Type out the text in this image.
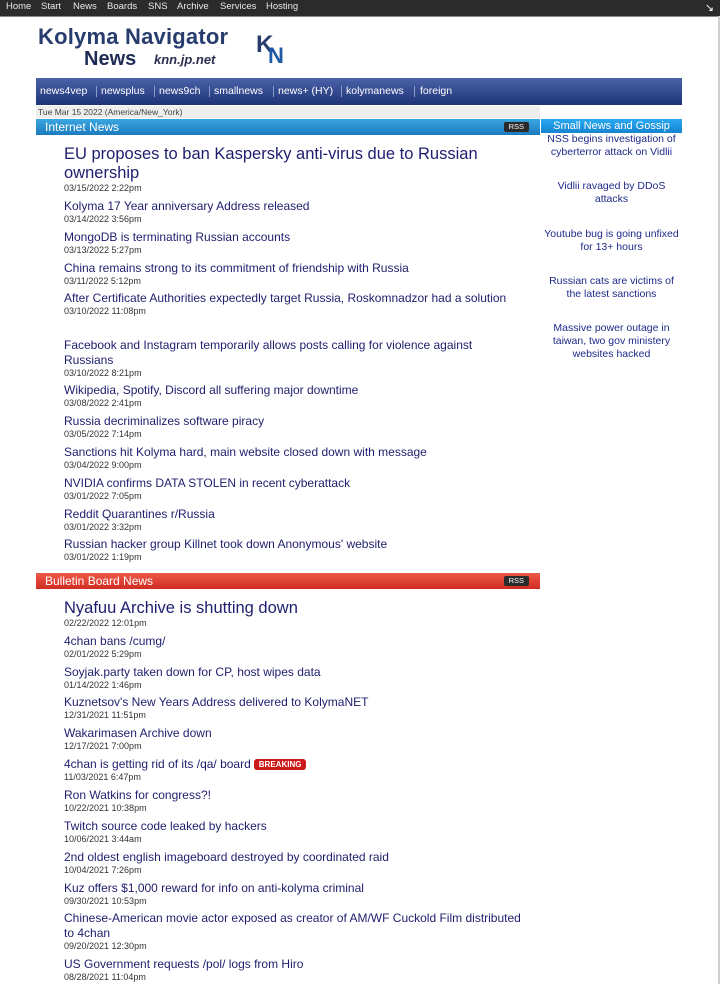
Home Start News Boards SNS Archive Services Hosting	↘
Kolyma Navigator
News knn.jp.net
K
N
news4vep newsplus news9ch smallnews news+ (HY) kolymanews foreign
Tue Mar 15 2022 (America/New_York)
Internet News	RSS
EU proposes to ban Kaspersky anti-virus due to Russian ownership
03/15/2022 2:22pm
Kolyma 17 Year anniversary Address released
03/14/2022 3:56pm
MongoDB is terminating Russian accounts
03/13/2022 5:27pm
China remains strong to its commitment of friendship with Russia
03/11/2022 5:12pm
After Certificate Authorities expectedly target Russia, Roskomnadzor had a solution
03/10/2022 11:08pm
Facebook and Instagram temporarily allows posts calling for violence against Russians
03/10/2022 8:21pm
Wikipedia, Spotify, Discord all suffering major downtime
03/08/2022 2:41pm
Russia decriminalizes software piracy
03/05/2022 7:14pm
Sanctions hit Kolyma hard, main website closed down with message
03/04/2022 9:00pm
NVIDIA confirms DATA STOLEN in recent cyberattack
03/01/2022 7:05pm
Reddit Quarantines r/Russia
03/01/2022 3:32pm
Russian hacker group Killnet took down Anonymous' website
03/01/2022 1:19pm
Bulletin Board News	RSS
Nyafuu Archive is shutting down
02/22/2022 12:01pm
4chan bans /cumg/
02/01/2022 5:29pm
Soyjak.party taken down for CP, host wipes data
01/14/2022 1:46pm
Kuznetsov's New Years Address delivered to KolymaNET
12/31/2021 11:51pm
Wakarimasen Archive down
12/17/2021 7:00pm
4chan is getting rid of its /qa/ board BREAKING
11/03/2021 6:47pm
Ron Watkins for congress?!
10/22/2021 10:38pm
Twitch source code leaked by hackers
10/06/2021 3:44am
2nd oldest english imageboard destroyed by coordinated raid
10/04/2021 7:26pm
Kuz offers $1,000 reward for info on anti-kolyma criminal
09/30/2021 10:53pm
Chinese-American movie actor exposed as creator of AM/WF Cuckold Film distributed to 4chan
09/20/2021 12:30pm
US Government requests /pol/ logs from Hiro
08/28/2021 11:04pm
Small News and Gossip
NSS begins investigation of cyberterror attack on Vidlii
Vidlii ravaged by DDoS attacks
Youtube bug is going unfixed for 13+ hours
Russian cats are victims of the latest sanctions
Massive power outage in taiwan, two gov ministery websites hacked
